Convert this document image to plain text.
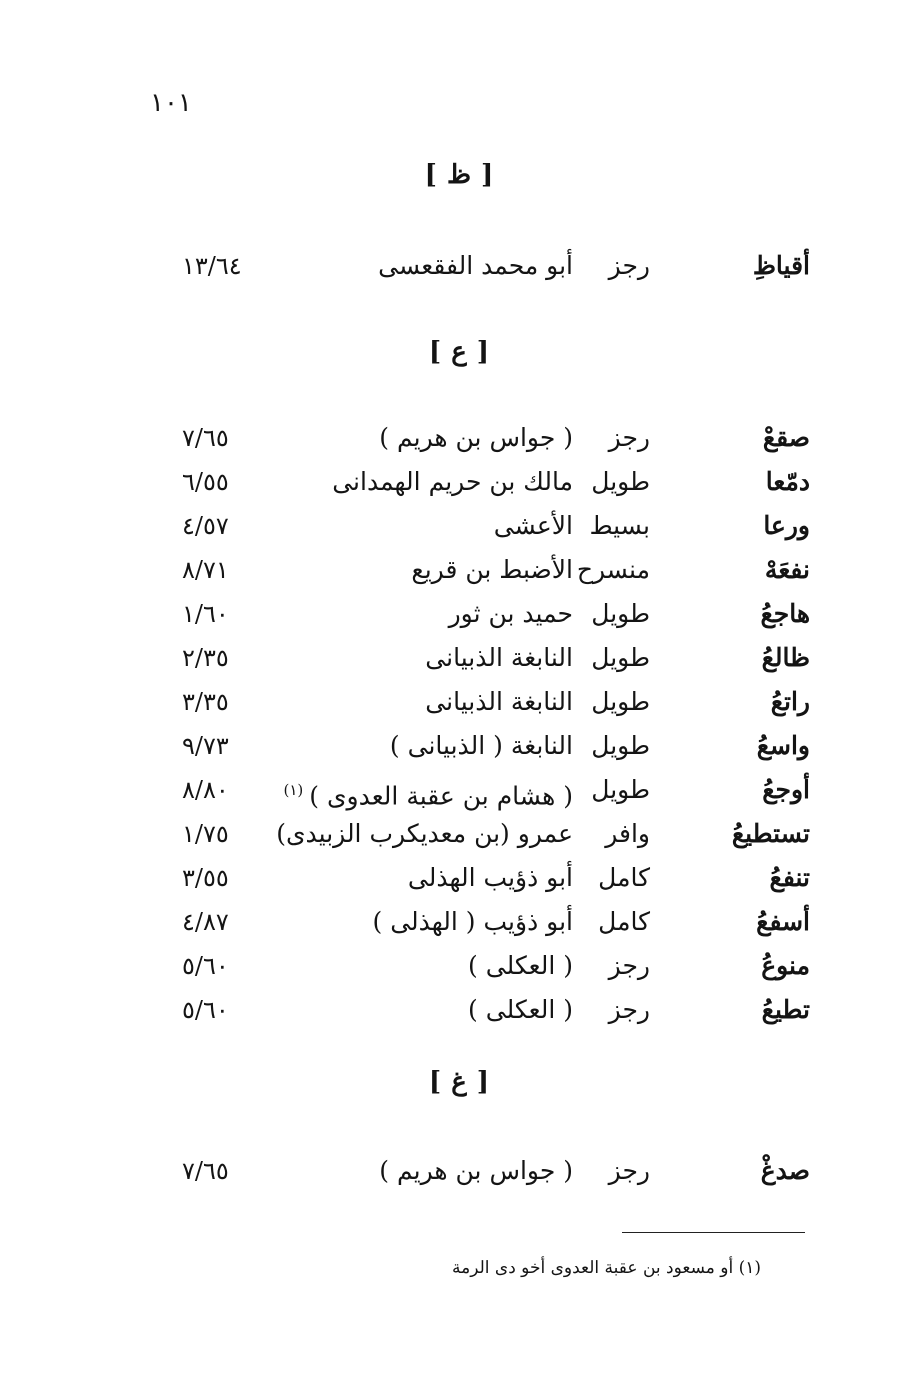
١٠١
[ظ]
أقياظِ
رجز
أبو محمد الفقعسى
١٣/٦٤
[ع]
صقعْ
رجز
( جواس بن هريم )
٧/٦٥
دمّعا
طويل
مالك بن حريم الهمدانى
٦/٥٥
ورعا
بسيط
الأعشى
٤/٥٧
نفعَهْ
منسرح
الأضبط بن قريع
٨/٧١
هاجعُ
طويل
حميد بن ثور
١/٦٠
ظالعُ
طويل
النابغة الذبيانى
٢/٣٥
راتعُ
طويل
النابغة الذبيانى
٣/٣٥
واسعُ
طويل
النابغة ( الذبيانى )
٩/٧٣
أوجعُ
طويل
( هشام بن عقبة العدوى )$^{(١)}$
٨/٨٠
تستطيعُ
وافر
عمرو (بن معديكرب الزبيدى)
١/٧٥
تنفعُ
كامل
أبو ذؤيب الهذلى
٣/٥٥
أسفعُ
كامل
أبو ذؤيب ( الهذلى )
٤/٨٧
منوعُ
رجز
( العكلى )
٥/٦٠
تطيعُ
رجز
( العكلى )
٥/٦٠
[غ]
صدغْ
رجز
( جواس بن هريم )
٧/٦٥
(١) أو مسعود بن عقبة العدوى أخو دى الرمة
